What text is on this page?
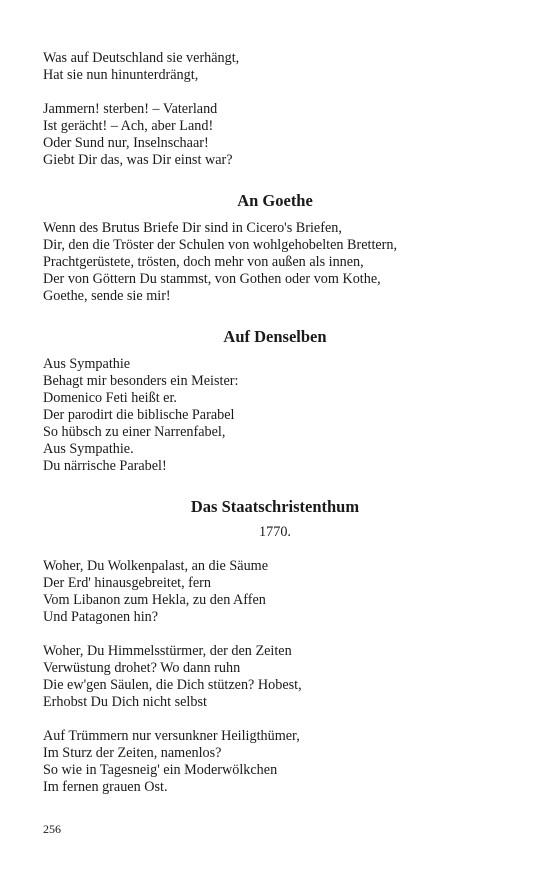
Was auf Deutschland sie verhängt,
Hat sie nun hinunterdrängt,
Jammern! sterben! – Vaterland
Ist gerächt! – Ach, aber Land!
Oder Sund nur, Inselnschaar!
Giebt Dir das, was Dir einst war?
An Goethe
Wenn des Brutus Briefe Dir sind in Cicero's Briefen,
Dir, den die Tröster der Schulen von wohlgehobelten Brettern,
Prachtgerüstete, trösten, doch mehr von außen als innen,
Der von Göttern Du stammst, von Gothen oder vom Kothe,
Goethe, sende sie mir!
Auf Denselben
Aus Sympathie
Behagt mir besonders ein Meister:
Domenico Feti heißt er.
Der parodirt die biblische Parabel
So hübsch zu einer Narrenfabel,
Aus Sympathie.
Du närrische Parabel!
Das Staatschristenthum
1770.
Woher, Du Wolkenpalast, an die Säume
Der Erd' hinausgebreitet, fern
Vom Libanon zum Hekla, zu den Affen
Und Patagonen hin?
Woher, Du Himmelsstürmer, der den Zeiten
Verwüstung drohet? Wo dann ruhn
Die ew'gen Säulen, die Dich stützen? Hobest,
Erhobst Du Dich nicht selbst
Auf Trümmern nur versunkner Heiligthümer,
Im Sturz der Zeiten, namenlos?
So wie in Tagesneig' ein Moderwölkchen
Im fernen grauen Ost.
256
